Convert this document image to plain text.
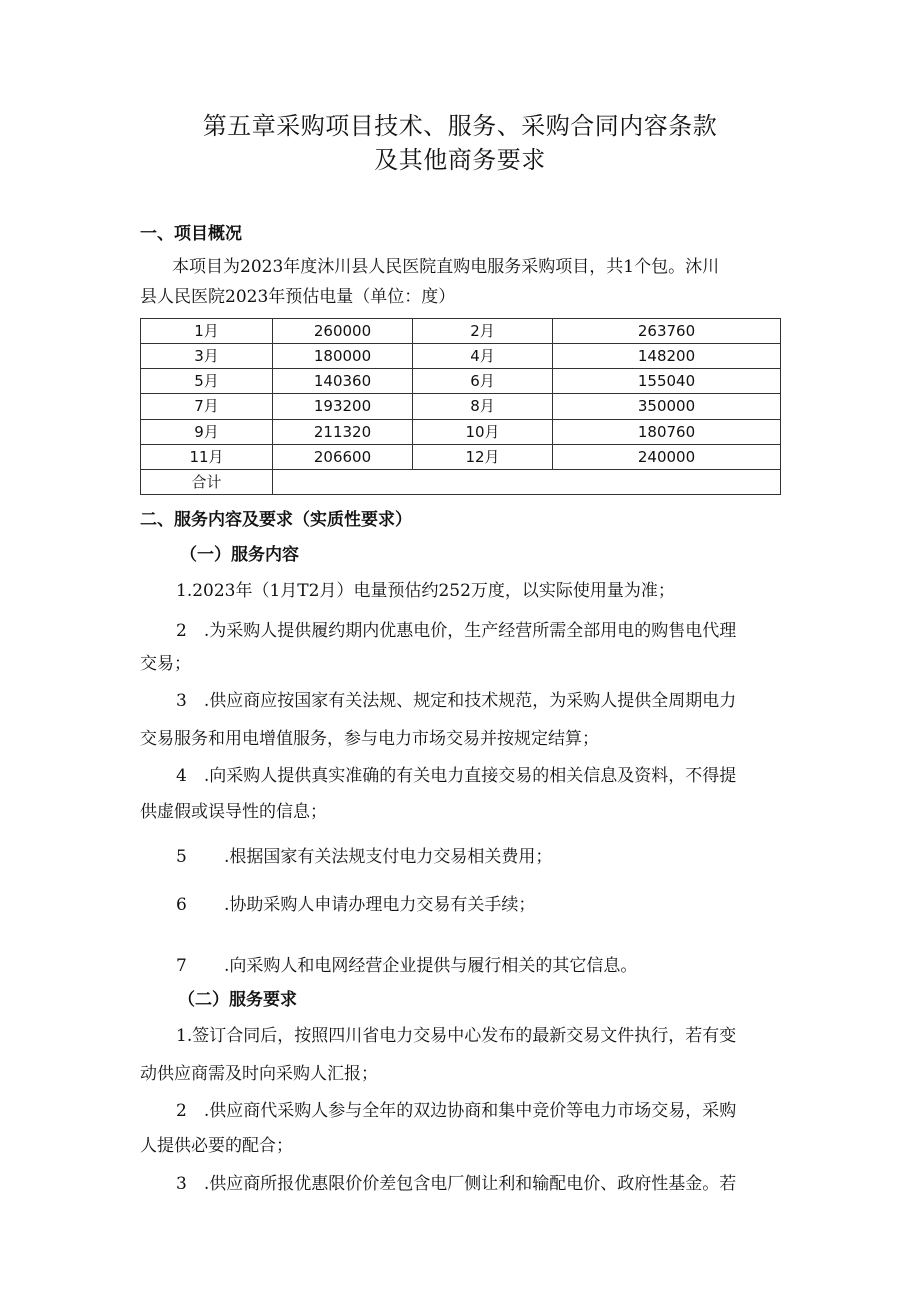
第五章采购项目技术、服务、采购合同内容条款
及其他商务要求
一、项目概况
本项目为2023年度沐川县人民医院直购电服务采购项目，共1个包。沐川
县人民医院2023年预估电量（单位：度）
1月	260000	2月	263760
3月	180000	4月	148200
5月	140360	6月	155040
7月	193200	8月	350000
9月	211320	10月	180760
11月	206600	12月	240000
合计			
二、服务内容及要求（实质性要求）
（一）服务内容
1.2023年（1月T2月）电量预估约252万度，以实际使用量为准；
2　.为采购人提供履约期内优惠电价，生产经营所需全部用电的购售电代理
交易；
3　.供应商应按国家有关法规、规定和技术规范，为采购人提供全周期电力
交易服务和用电增值服务，参与电力市场交易并按规定结算；
4　.向采购人提供真实准确的有关电力直接交易的相关信息及资料，不得提
供虚假或误导性的信息；
5 .根据国家有关法规支付电力交易相关费用；
6 .协助采购人申请办理电力交易有关手续；
7 .向采购人和电网经营企业提供与履行相关的其它信息。
（二）服务要求
1.签订合同后，按照四川省电力交易中心发布的最新交易文件执行，若有变
动供应商需及时向采购人汇报；
2　.供应商代采购人参与全年的双边协商和集中竞价等电力市场交易，采购
人提供必要的配合；
3　.供应商所报优惠限价价差包含电厂侧让利和输配电价、政府性基金。若
